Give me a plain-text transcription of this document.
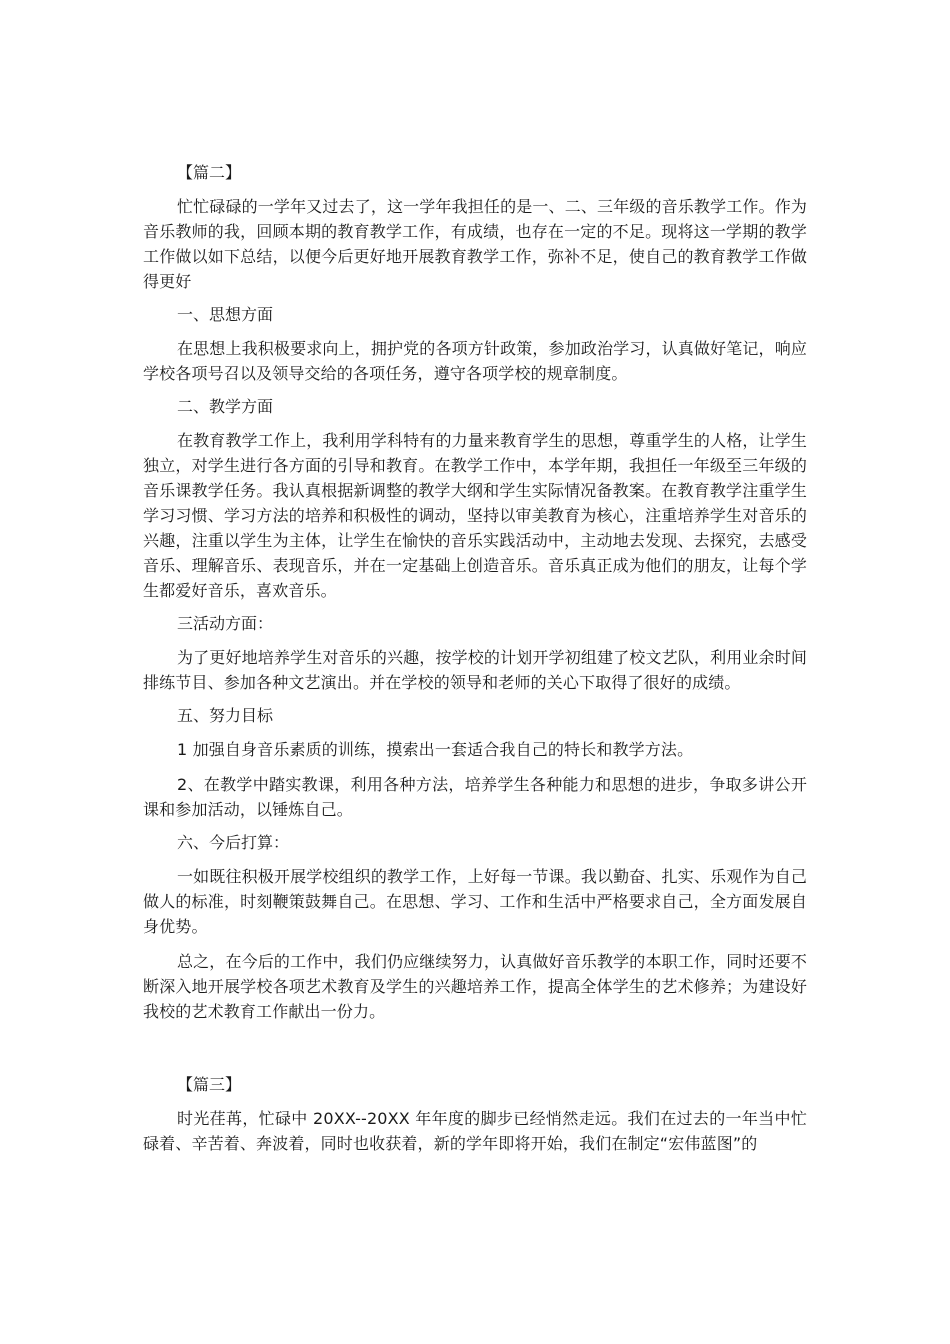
【篇二】

忙忙碌碌的一学年又过去了，这一学年我担任的是一、二、三年级的音乐教学工作。作为音乐教师的我，回顾本期的教育教学工作，有成绩，也存在一定的不足。现将这一学期的教学工作做以如下总结，以便今后更好地开展教育教学工作，弥补不足，使自己的教育教学工作做得更好

一、思想方面

在思想上我积极要求向上，拥护党的各项方针政策，参加政治学习，认真做好笔记，响应学校各项号召以及领导交给的各项任务，遵守各项学校的规章制度。

二、教学方面

在教育教学工作上，我利用学科特有的力量来教育学生的思想，尊重学生的人格，让学生独立，对学生进行各方面的引导和教育。在教学工作中，本学年期，我担任一年级至三年级的音乐课教学任务。我认真根据新调整的教学大纲和学生实际情况备教案。在教育教学注重学生学习习惯、学习方法的培养和积极性的调动，坚持以审美教育为核心，注重培养学生对音乐的兴趣，注重以学生为主体，让学生在愉快的音乐实践活动中，主动地去发现、去探究，去感受音乐、理解音乐、表现音乐，并在一定基础上创造音乐。音乐真正成为他们的朋友，让每个学生都爱好音乐，喜欢音乐。

三活动方面：

为了更好地培养学生对音乐的兴趣，按学校的计划开学初组建了校文艺队，利用业余时间排练节目、参加各种文艺演出。并在学校的领导和老师的关心下取得了很好的成绩。

五、努力目标

1 加强自身音乐素质的训练，摸索出一套适合我自己的特长和教学方法。

2、在教学中踏实教课，利用各种方法，培养学生各种能力和思想的进步，争取多讲公开课和参加活动，以锤炼自己。

六、今后打算：

一如既往积极开展学校组织的教学工作，上好每一节课。我以勤奋、扎实、乐观作为自己做人的标准，时刻鞭策鼓舞自己。在思想、学习、工作和生活中严格要求自己，全方面发展自身优势。

总之，在今后的工作中，我们仍应继续努力，认真做好音乐教学的本职工作，同时还要不断深入地开展学校各项艺术教育及学生的兴趣培养工作，提高全体学生的艺术修养；为建设好我校的艺术教育工作献出一份力。

【篇三】

时光荏苒，忙碌中 20XX--20XX 年年度的脚步已经悄然走远。我们在过去的一年当中忙碌着、辛苦着、奔波着，同时也收获着，新的学年即将开始，我们在制定“宏伟蓝图”的
